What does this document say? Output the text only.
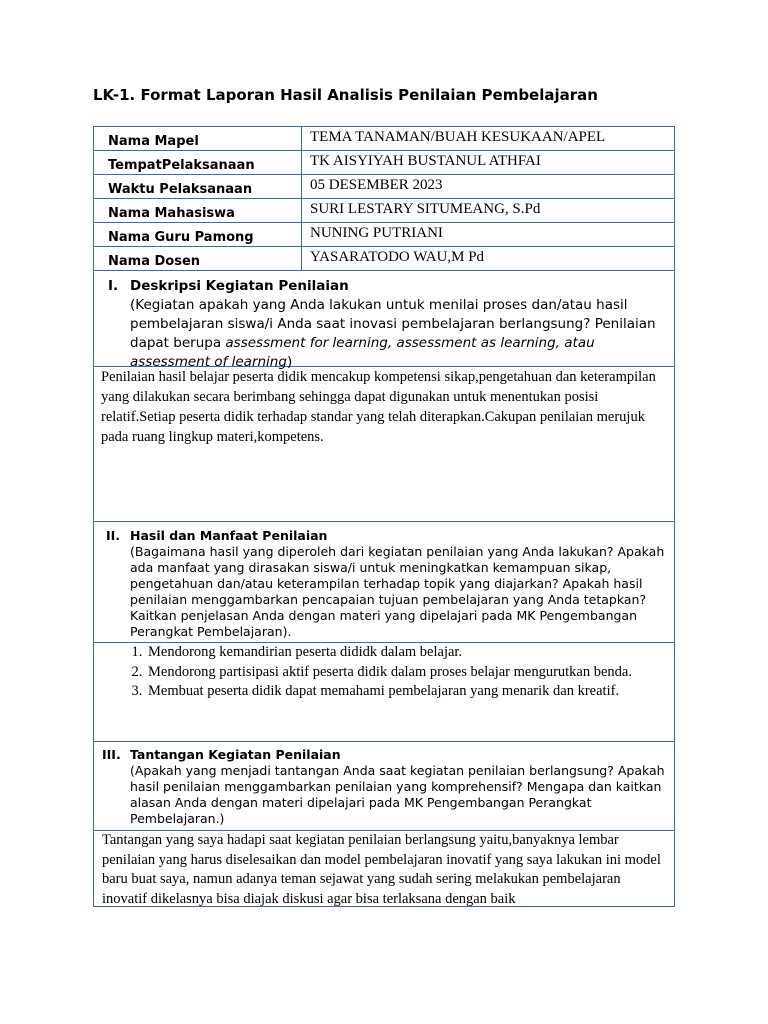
LK-1. Format Laporan Hasil Analisis Penilaian Pembelajaran
Nama Mapel	TEMA TANAMAN/BUAH KESUKAAN/APEL
TempatPelaksanaan	TK AISYIYAH BUSTANUL ATHFAI
Waktu Pelaksanaan	05 DESEMBER 2023
Nama Mahasiswa	SURI LESTARY SITUMEANG, S.Pd
Nama Guru Pamong	NUNING PUTRIANI
Nama Dosen	YASARATODO WAU,M Pd
I. Deskripsi Kegiatan Penilaian
(Kegiatan apakah yang Anda lakukan untuk menilai proses dan/atau hasil pembelajaran siswa/i Anda saat inovasi pembelajaran berlangsung? Penilaian dapat berupa assessment for learning, assessment as learning, atau assessment of learning)

Penilaian hasil belajar peserta didik mencakup kompetensi sikap,pengetahuan dan keterampilan yang dilakukan secara berimbang sehingga dapat digunakan untuk menentukan posisi relatif.Setiap peserta didik terhadap standar yang telah diterapkan.Cakupan penilaian merujuk pada ruang lingkup materi,kompetens.

II. Hasil dan Manfaat Penilaian
(Bagaimana hasil yang diperoleh dari kegiatan penilaian yang Anda lakukan? Apakah ada manfaat yang dirasakan siswa/i untuk meningkatkan kemampuan sikap, pengetahuan dan/atau keterampilan terhadap topik yang diajarkan? Apakah hasil penilaian menggambarkan pencapaian tujuan pembelajaran yang Anda tetapkan? Kaitkan penjelasan Anda dengan materi yang dipelajari pada MK Pengembangan Perangkat Pembelajaran).
1. Mendorong kemandirian peserta dididk dalam belajar.
2. Mendorong partisipasi aktif peserta didik dalam proses belajar mengurutkan benda.
3. Membuat peserta didik dapat memahami pembelajaran yang menarik dan kreatif.
III. Tantangan Kegiatan Penilaian
(Apakah yang menjadi tantangan Anda saat kegiatan penilaian berlangsung? Apakah hasil penilaian menggambarkan penilaian yang komprehensif? Mengapa dan kaitkan alasan Anda dengan materi dipelajari pada MK Pengembangan Perangkat Pembelajaran.)

Tantangan yang saya hadapi saat kegiatan penilaian berlangsung yaitu,banyaknya lembar penilaian yang harus diselesaikan dan model pembelajaran inovatif yang saya lakukan ini model baru buat saya, namun adanya teman sejawat yang sudah sering melakukan pembelajaran inovatif dikelasnya bisa diajak diskusi agar bisa terlaksana dengan baik
